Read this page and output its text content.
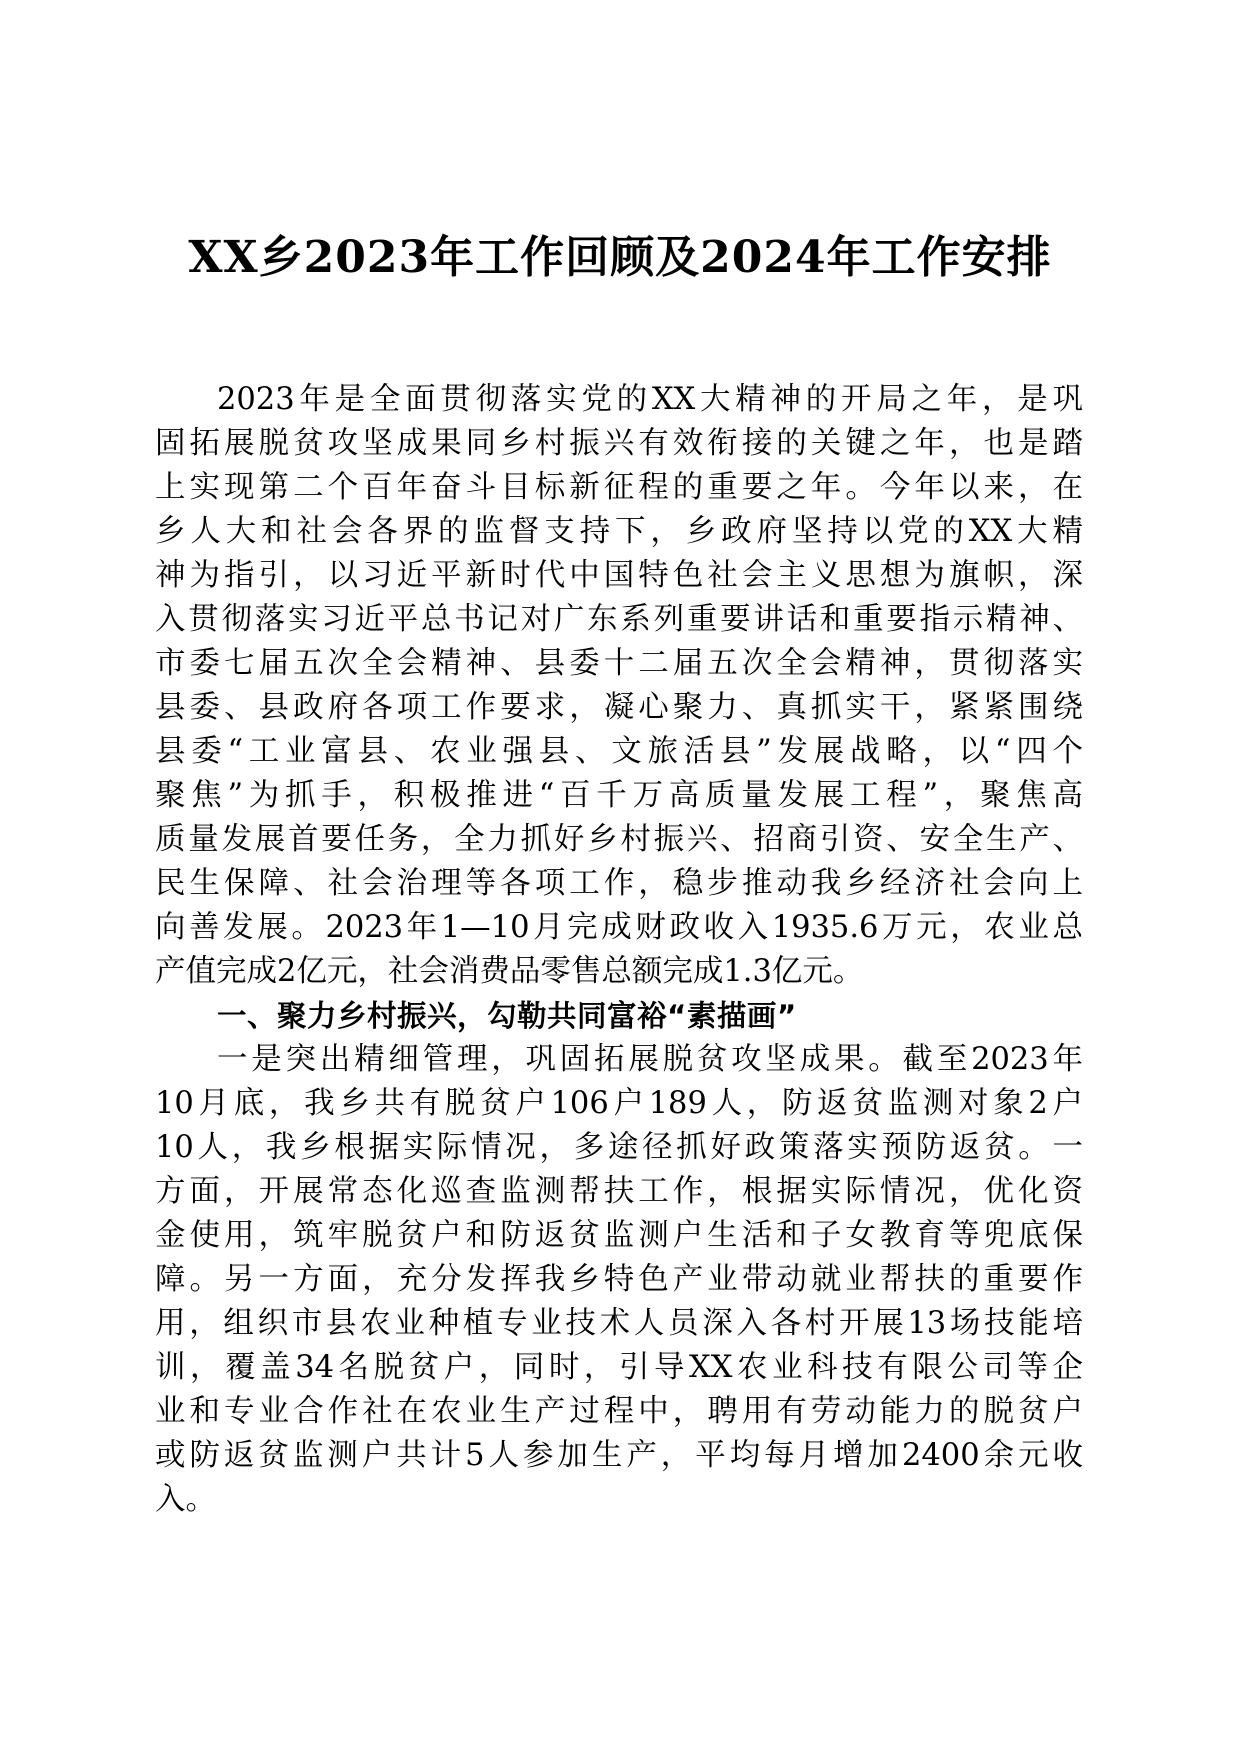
XX乡2023年工作回顾及2024年工作安排
2023年是全面贯彻落实党的XX大精神的开局之年，是巩
固拓展脱贫攻坚成果同乡村振兴有效衔接的关键之年，也是踏
上实现第二个百年奋斗目标新征程的重要之年。今年以来，在
乡人大和社会各界的监督支持下，乡政府坚持以党的XX大精
神为指引，以习近平新时代中国特色社会主义思想为旗帜，深
入贯彻落实习近平总书记对广东系列重要讲话和重要指示精神、
市委七届五次全会精神、县委十二届五次全会精神，贯彻落实
县委、县政府各项工作要求，凝心聚力、真抓实干，紧紧围绕
县委“工业富县、农业强县、文旅活县”发展战略，以“四个
聚焦”为抓手，积极推进“百千万高质量发展工程”，聚焦高
质量发展首要任务，全力抓好乡村振兴、招商引资、安全生产、
民生保障、社会治理等各项工作，稳步推动我乡经济社会向上
向善发展。2023年1—10月完成财政收入1935.6万元，农业总
产值完成2亿元，社会消费品零售总额完成1.3亿元。
一、聚力乡村振兴，勾勒共同富裕“素描画”
一是突出精细管理，巩固拓展脱贫攻坚成果。截至2023年
10月底，我乡共有脱贫户106户189人，防返贫监测对象2户
10人，我乡根据实际情况，多途径抓好政策落实预防返贫。一
方面，开展常态化巡查监测帮扶工作，根据实际情况，优化资
金使用，筑牢脱贫户和防返贫监测户生活和子女教育等兜底保
障。另一方面，充分发挥我乡特色产业带动就业帮扶的重要作
用，组织市县农业种植专业技术人员深入各村开展13场技能培
训，覆盖34名脱贫户，同时，引导XX农业科技有限公司等企
业和专业合作社在农业生产过程中，聘用有劳动能力的脱贫户
或防返贫监测户共计5人参加生产，平均每月增加2400余元收
入。
